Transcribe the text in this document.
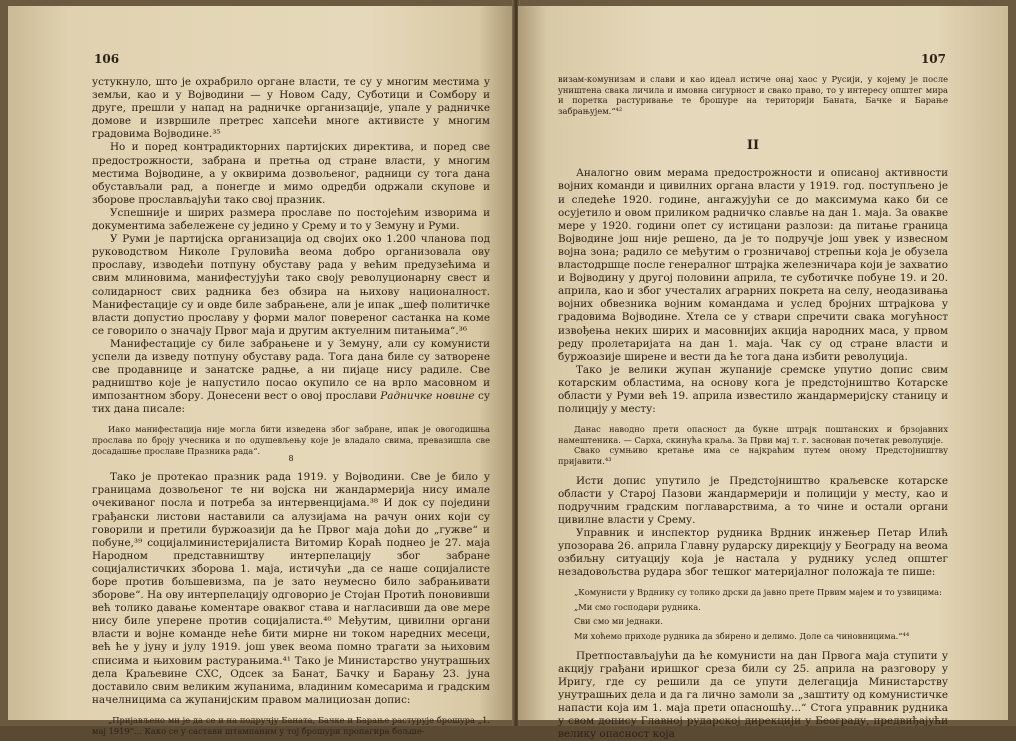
106

устукнуло, што је охрабрило органе власти, те су у многим местима у земљи, као и у Војводини — у Новом Саду, Суботици и Сомбору и друге, прешли у напад на радничке организације, упале у радничке домове и извршиле претрес хапсећи многе активисте у многим градовима Војводине.³⁵

Но и поред контрадикторних партијских директива, и поред све предострожности, забрана и претња од стране власти, у многим местима Војводине, а у оквирима дозвољеног, радници су тога дана обустављали рад, а понегде и мимо одредби одржали скупове и зборове прослављајући тако свој празник.

Успешније и ширих размера прославе по постојећим изворима и документима забележене су једино у Срему и то у Земуну и Руми.

У Руми је партијска организација од својих око 1.200 чланова под руководством Николе Груловића веома добро организовала ову прославу, изводећи потпуну обуставу рада у већим предузећима и свим млиновима, манифестујући тако своју револуционарну свест и солидарност свих радника без обзира на њихову националност. Манифестације су и овде биле забрањене, али је ипак „шеф политичке власти допустио прославу у форми малог повереног састанка на коме се говорило о значају Првог маја и другим актуелним питањима“.³⁶

Манифестације су биле забрањене и у Земуну, али су комунисти успели да изведу потпуну обуставу рада. Тога дана биле су затворене све продавнице и занатске радње, а ни пијаце нису радиле. Све радништво које је напустило посао окупило се на врло масовном и импозантном збору. Донесени вест о овој прослави Радничке новине су тих дана писале:

Иако манифестација није могла бити изведена због забране, ипак је овогодишња прослава по броју учесника и по одушевљењу које је владало свима, превазишла све досадашње прославе Празника рада“.

8

Тако је протекао празник рада 1919. у Војводини. Све је било у границама дозвољеног те ни војска ни жандармерија нису имале очекиваног посла и потреба за интервенцијама.³⁸ И док су поједини грађански листови наставили са алузијама на рачун оних који су говорили и претили буржоазији да ће Првог маја доћи до „гужве“ и побуне,³⁹ социјалминистеријалиста Витомир Кораћ поднео је 27. маја Народном представништву интерпелацију због забране социјалистичких зборова 1. маја, истичући „да се наше социјалисте боре против бољшевизма, па је зато неумесно било забрањивати зборове“. На ову интерпелацију одговорио је Стојан Протић поновивши већ толико давање коментаре оваквог става и нагласивши да ове мере нису биле уперене против социјалиста.⁴⁰ Међутим, цивилни органи власти и војне команде неће бити мирне ни током наредних месеци, већ ће у јуну и јулу 1919. још увек веома помно трагати за њиховим списима и њиховим растурањима.⁴¹ Тако је Министарство унутрашњих дела Краљевине СХС, Одсек за Банат, Бачку и Барању 23. јуна доставило свим великим жупанима, владиним комесарима и градским начелницима са жупанијским правом малициозан допис:

„Пријављено ми је да се и на подручју Баната, Бачке и Барање растурује брошура „1. мај 1919“... Како се у састави штампаним у тој брошури пропагира бољше-

107

визам-комунизам и слави и као идеал истиче онај хаос у Русији, у којему је после уништена свака личила и имовна сигурност и свако право, то у интересу општег мира и поретка растуривање те брошуре на територији Баната, Бачке и Барање забрањујем.“⁴²

II

Аналогно овим мерама предострожности и описаној активности војних команди и цивилних органа власти у 1919. год. поступљено је и следеће 1920. године, ангажујући се до максимума како би се осујетило и овом приликом радничко славље на дан 1. маја. За овакве мере у 1920. години опет су истицани разлози: да питање граница Војводине још није решено, да је то подручје још увек у извесном војна зона; радило се међутим о грозничавој стрепњи која је обузела властодршце после генералног штрајка железничара који је захватио и Војводину у другој половини априла, те суботичке побуне 19. и 20. априла, као и због учесталих аграрних покрета на селу, неодазивања војних обвезника војним командама и услед бројних штрајкова у градовима Војводине. Хтела се у ствари спречити свака могућност извођења неких ширих и масовнијих акција народних маса, у првом реду пролетаријата на дан 1. маја. Чак су од стране власти и буржоазије ширене и вести да ће тога дана избити револуција.

Тако је велики жупан жупаније сремске упутио допис свим котарским областима, на основу кога је предстојништво Котарске области у Руми већ 19. априла известило жандармеријску станицу и полицију у месту:

Данас наводно прети опасност да букне штрајк поштанских и брзојавних намештеника. — Сарха, скинућа краља. За Први мај т. г. заснован почетак револуције.

Свако сумњиво кретање има се најкраћим путем оному Предстојништву пријавити.⁴³

Исти допис упутило је Предстојништво краљевске котарске области у Старој Пазови жандармерији и полицији у месту, као и подручним градским поглаварствима, а то чине и остали органи цивилне власти у Срему.

Управник и инспектор рудника Врдник инжењер Петар Илић упозорава 26. априла Главну рударску дирекцију у Београду на веома озбиљну ситуацију која је настала у руднику услед општег незадовољства рудара због тешког материјалног положаја те пише:

„Комунисти у Врднику су толико дрски да јавно прете Првим мајем и то узвицима:

„Ми смо господари рудника.

Сви смо ми једнаки.

Ми хоћемо приходе рудника да збирено и делимо. Доле са чиновницима.“⁴⁴

Претпостављајући да ће комунисти на дан Првога маја ступити у акцију грађани иришког среза били су 25. априла на разговору у Иригу, где су решили да се упути делегација Министарству унутрашњих дела и да га лично замоли за „заштиту од комунистичке напасти која им 1. маја прети опасношћу...“ Стога управник рудника у свом допису Главној рударској дирекцији у Београду, предвиђајући велику опасност која
